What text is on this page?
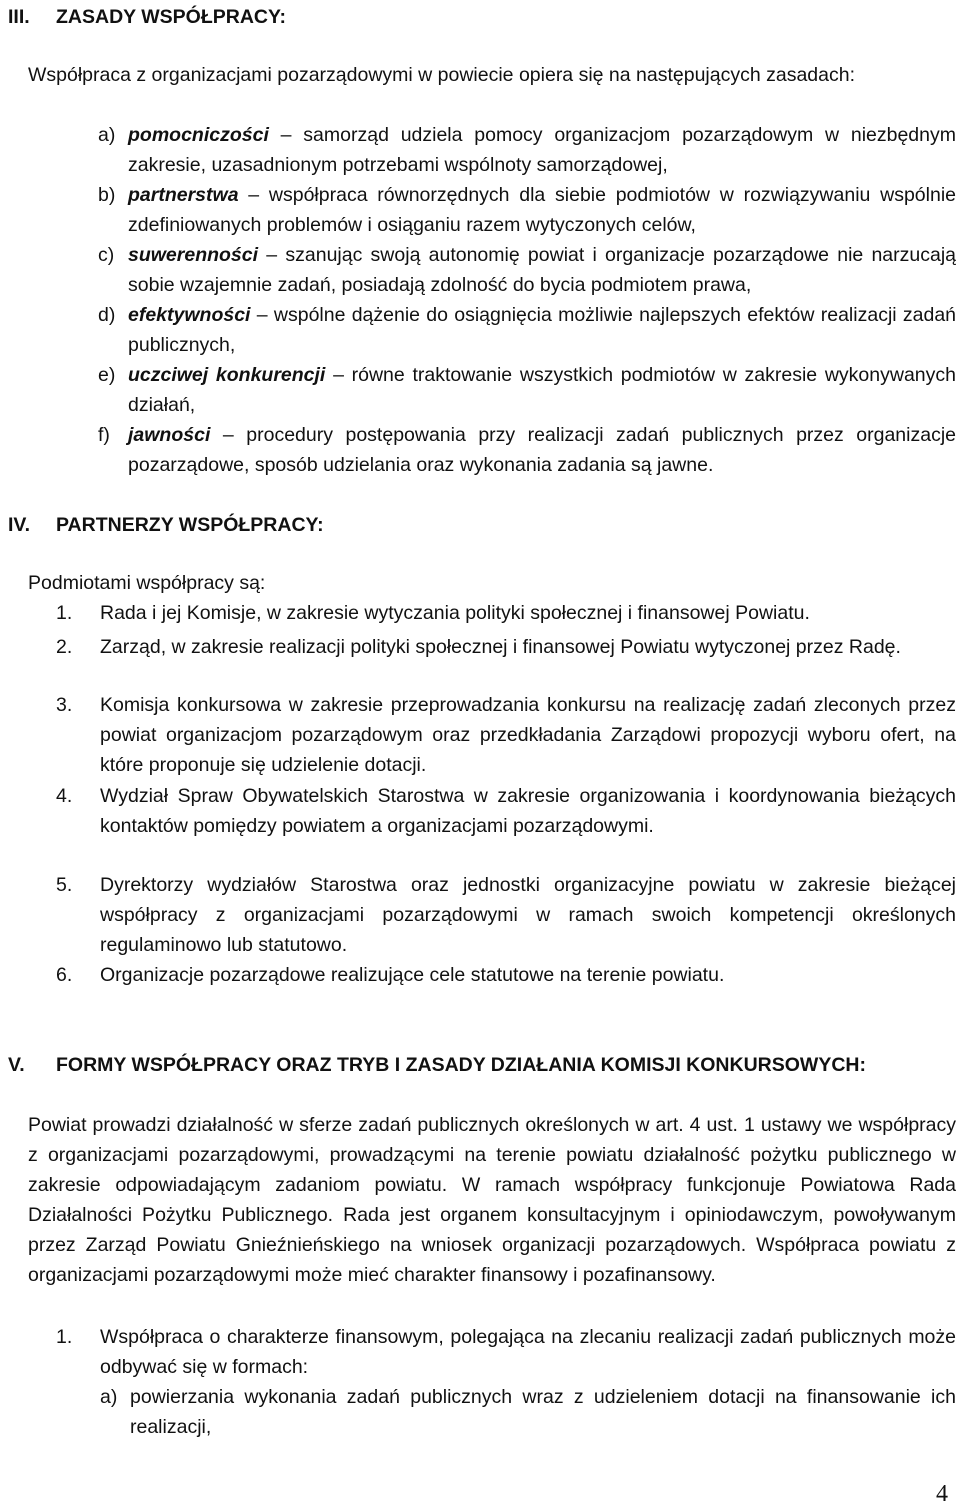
III. ZASADY WSPÓŁPRACY:
Współpraca z organizacjami pozarządowymi w powiecie opiera się na następujących zasadach:
a) pomocniczości – samorząd udziela pomocy organizacjom pozarządowym w niezbędnym zakresie, uzasadnionym potrzebami wspólnoty samorządowej,
b) partnerstwa – współpraca równorzędnych dla siebie podmiotów w rozwiązywaniu wspólnie zdefiniowanych problemów i osiąganiu razem wytyczonych celów,
c) suwerenności – szanując swoją autonomię powiat i organizacje pozarządowe nie narzucają sobie wzajemnie zadań, posiadają zdolność do bycia podmiotem prawa,
d) efektywności – wspólne dążenie do osiągnięcia możliwie najlepszych efektów realizacji zadań publicznych,
e) uczciwej konkurencji – równe traktowanie wszystkich podmiotów w zakresie wykonywanych działań,
f) jawności – procedury postępowania przy realizacji zadań publicznych przez organizacje pozarządowe, sposób udzielania oraz wykonania zadania są jawne.
IV. PARTNERZY WSPÓŁPRACY:
Podmiotami współpracy są:
1. Rada i jej Komisje, w zakresie wytyczania polityki społecznej i finansowej Powiatu.
2. Zarząd, w zakresie realizacji polityki społecznej i finansowej Powiatu wytyczonej przez Radę.
3. Komisja konkursowa w zakresie przeprowadzania konkursu na realizację zadań zleconych przez powiat organizacjom pozarządowym oraz przedkładania Zarządowi propozycji wyboru ofert, na które proponuje się udzielenie dotacji.
4. Wydział Spraw Obywatelskich Starostwa w zakresie organizowania i koordynowania bieżących kontaktów pomiędzy powiatem a organizacjami pozarządowymi.
5. Dyrektorzy wydziałów Starostwa oraz jednostki organizacyjne powiatu w zakresie bieżącej współpracy z organizacjami pozarządowymi w ramach swoich kompetencji określonych regulaminowo lub statutowo.
6. Organizacje pozarządowe realizujące cele statutowe na terenie powiatu.
V. FORMY WSPÓŁPRACY ORAZ TRYB I ZASADY DZIAŁANIA KOMISJI KONKURSOWYCH:
Powiat prowadzi działalność w sferze zadań publicznych określonych w art. 4 ust. 1 ustawy we współpracy z organizacjami pozarządowymi, prowadzącymi na terenie powiatu działalność pożytku publicznego w zakresie odpowiadającym zadaniom powiatu. W ramach współpracy funkcjonuje Powiatowa Rada Działalności Pożytku Publicznego. Rada jest organem konsultacyjnym i opiniodawczym, powoływanym przez Zarząd Powiatu Gnieźnieńskiego na wniosek organizacji pozarządowych. Współpraca powiatu z organizacjami pozarządowymi może mieć charakter finansowy i pozafinansowy.
1. Współpraca o charakterze finansowym, polegająca na zlecaniu realizacji zadań publicznych może odbywać się w formach:
a) powierzania wykonania zadań publicznych wraz z udzieleniem dotacji na finansowanie ich realizacji,
4
